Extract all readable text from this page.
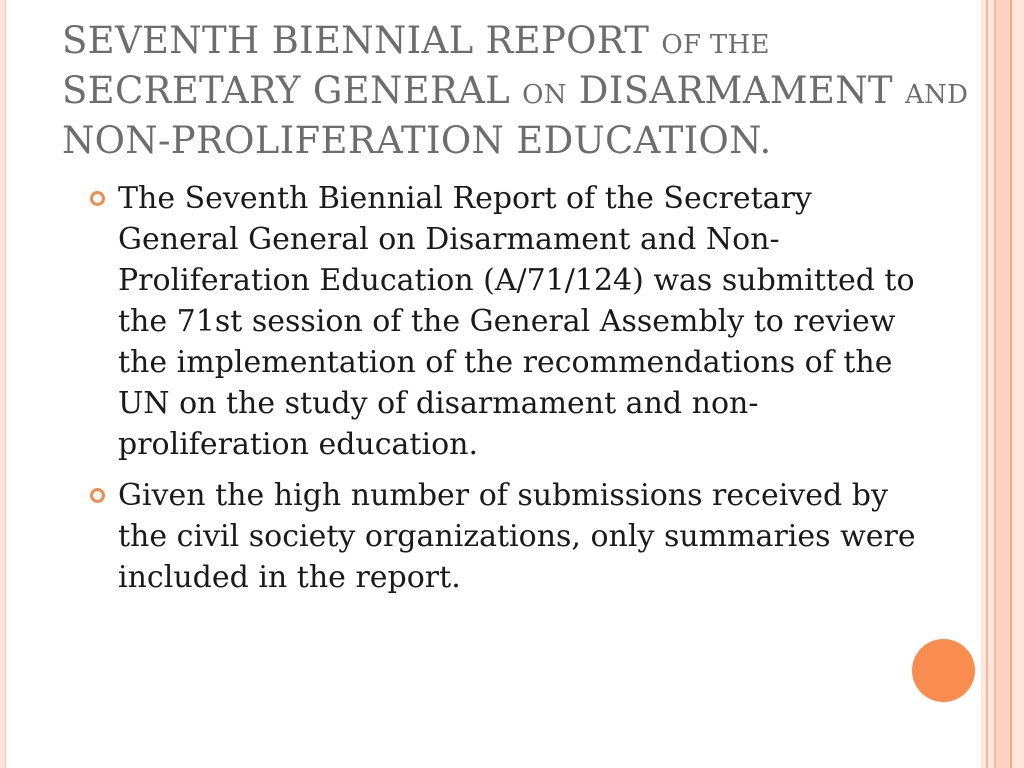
SEVENTH BIENNIAL REPORT OF THE
SECRETARY GENERAL ON DISARMAMENT AND
NON-PROLIFERATION EDUCATION.
The Seventh Biennial Report of the Secretary General General on Disarmament and Non-Proliferation Education (A/71/124) was submitted to the 71st session of the General Assembly to review the implementation of the recommendations of the UN on the study of disarmament and non-proliferation education.
Given the high number of submissions received by the civil society organizations, only summaries were included in the report.
